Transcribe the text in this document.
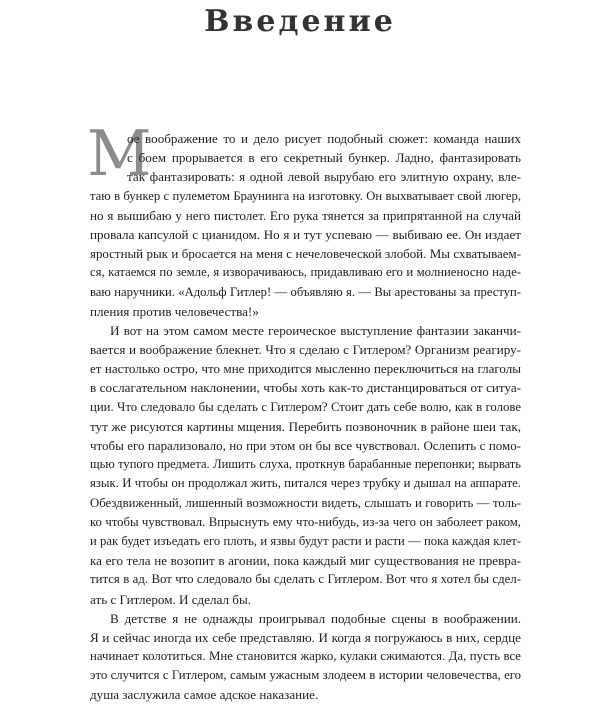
Введение
М
ое воображение то и дело рисует подобный сюжет: команда наших
с боем прорывается в его секретный бункер. Ладно, фантазировать
так фантазировать: я одной левой вырубаю его элитную охрану, вле-
таю в бункер с пулеметом Браунинга на изготовку. Он выхватывает свой люгер,
но я вышибаю у него пистолет. Его рука тянется за припрятанной на случай
провала капсулой с цианидом. Но я и тут успеваю — выбиваю ее. Он издает
яростный рык и бросается на меня с нечеловеческой злобой. Мы схватываем-
ся, катаемся по земле, я изворачиваюсь, придавливаю его и молниеносно наде-
ваю наручники. «Адольф Гитлер! — объявляю я. — Вы арестованы за преступ-
пления против человечества!»
И вот на этом самом месте героическое выступление фантазии заканчи-
вается и воображение блекнет. Что я сделаю с Гитлером? Организм реагиру-
ет настолько остро, что мне приходится мысленно переключиться на глаголы
в сослагательном наклонении, чтобы хоть как-то дистанцироваться от ситуа-
ции. Что следовало бы сделать с Гитлером? Стоит дать себе волю, как в голове
тут же рисуются картины мщения. Перебить позвоночник в районе шеи так,
чтобы его парализовало, но при этом он бы все чувствовал. Ослепить с помо-
щью тупого предмета. Лишить слуха, проткнув барабанные перепонки; вырвать
язык. И чтобы он продолжал жить, питался через трубку и дышал на аппарате.
Обездвиженный, лишенный возможности видеть, слышать и говорить — толь-
ко чтобы чувствовал. Впрыснуть ему что-нибудь, из-за чего он заболеет раком,
и рак будет изъедать его плоть, и язвы будут расти и расти — пока каждая клет-
ка его тела не возопит в агонии, пока каждый миг существования не превра-
тится в ад. Вот что следовало бы сделать с Гитлером. Вот что я хотел бы сдел-
ать с Гитлером. И сделал бы.
В детстве я не однажды проигрывал подобные сцены в воображении.
Я и сейчас иногда их себе представляю. И когда я погружаюсь в них, сердце
начинает колотиться. Мне становится жарко, кулаки сжимаются. Да, пусть все
это случится с Гитлером, самым ужасным злодеем в истории человечества, его
душа заслужила самое адское наказание.
